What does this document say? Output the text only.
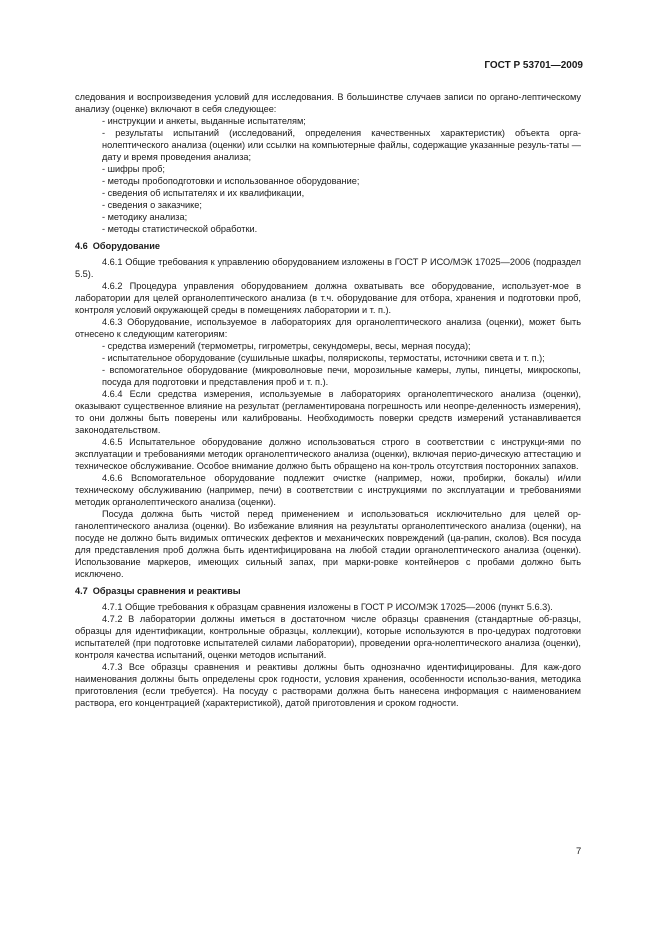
ГОСТ Р 53701—2009

следования и воспроизведения условий для исследования. В большинстве случаев записи по органо-лептическому анализу (оценке) включают в себя следующее:

- инструкции и анкеты, выданные испытателям;

- результаты испытаний (исследований, определения качественных характеристик) объекта орга-нолептического анализа (оценки) или ссылки на компьютерные файлы, содержащие указанные резуль-таты — дату и время проведения анализа;

- шифры проб;

- методы пробоподготовки и использованное оборудование;

- сведения об испытателях и их квалификации,

- сведения о заказчике;

- методику анализа;

- методы статистической обработки.

4.6 Оборудование

4.6.1 Общие требования к управлению оборудованием изложены в ГОСТ Р ИСО/МЭК 17025—2006 (подраздел 5.5).

4.6.2 Процедура управления оборудованием должна охватывать все оборудование, использует-мое в лаборатории для целей органолептического анализа (в т.ч. оборудование для отбора, хранения и подготовки проб, контроля условий окружающей среды в помещениях лаборатории и т. п.).

4.6.3 Оборудование, используемое в лабораториях для органолептического анализа (оценки), может быть отнесено к следующим категориям:

- средства измерений (термометры, гигрометры, секундомеры, весы, мерная посуда);

- испытательное оборудование (сушильные шкафы, поляриcкопы, термостаты, источники света и т. п.);

- вспомогательное оборудование (микроволновые печи, морозильные камеры, лупы, пинцеты, микроскопы, посуда для подготовки и представления проб и т. п.).

4.6.4 Если средства измерения, используемые в лабораториях органолептического анализа (оценки), оказывают существенное влияние на результат (регламентирована погрешность или неопре-деленность измерения), то они должны быть поверены или калиброваны. Необходимость поверки средств измерений устанавливается законодательством.

4.6.5 Испытательное оборудование должно использоваться строго в соответствии с инструкци-ями по эксплуатации и требованиями методик органолептического анализа (оценки), включая перио-дическую аттестацию и техническое обслуживание. Особое внимание должно быть обращено на кон-троль отсутствия посторонних запахов.

4.6.6 Вспомогательное оборудование подлежит очистке (например, ножи, пробирки, бокалы) и/или техническому обслуживанию (например, печи) в соответствии с инструкциями по эксплуатации и требованиями методик органолептического анализа (оценки).

Посуда должна быть чистой перед применением и использоваться исключительно для целей ор-ганолептического анализа (оценки). Во избежание влияния на результаты органолептического анализа (оценки), на посуде не должно быть видимых оптических дефектов и механических повреждений (ца-рапин, сколов). Вся посуда для представления проб должна быть идентифицирована на любой стадии органолептического анализа (оценки). Использование маркеров, имеющих сильный запах, при марки-ровке контейнеров с пробами должно быть исключено.

4.7 Образцы сравнения и реактивы

4.7.1 Общие требования к образцам сравнения изложены в ГОСТ Р ИСО/МЭК 17025—2006 (пункт 5.6.3).

4.7.2 В лаборатории должны иметься в достаточном числе образцы сравнения (стандартные об-разцы, образцы для идентификации, контрольные образцы, коллекции), которые используются в про-цедурах подготовки испытателей (при подготовке испытателей силами лаборатории), проведении орга-нолептического анализа (оценки), контроля качества испытаний, оценки методов испытаний.

4.7.3 Все образцы сравнения и реактивы должны быть однозначно идентифицированы. Для каж-дого наименования должны быть определены срок годности, условия хранения, особенности использо-вания, методика приготовления (если требуется). На посуду с растворами должна быть нанесена информация с наименованием раствора, его концентрацией (характеристикой), датой приготовления и сроком годности.

7
